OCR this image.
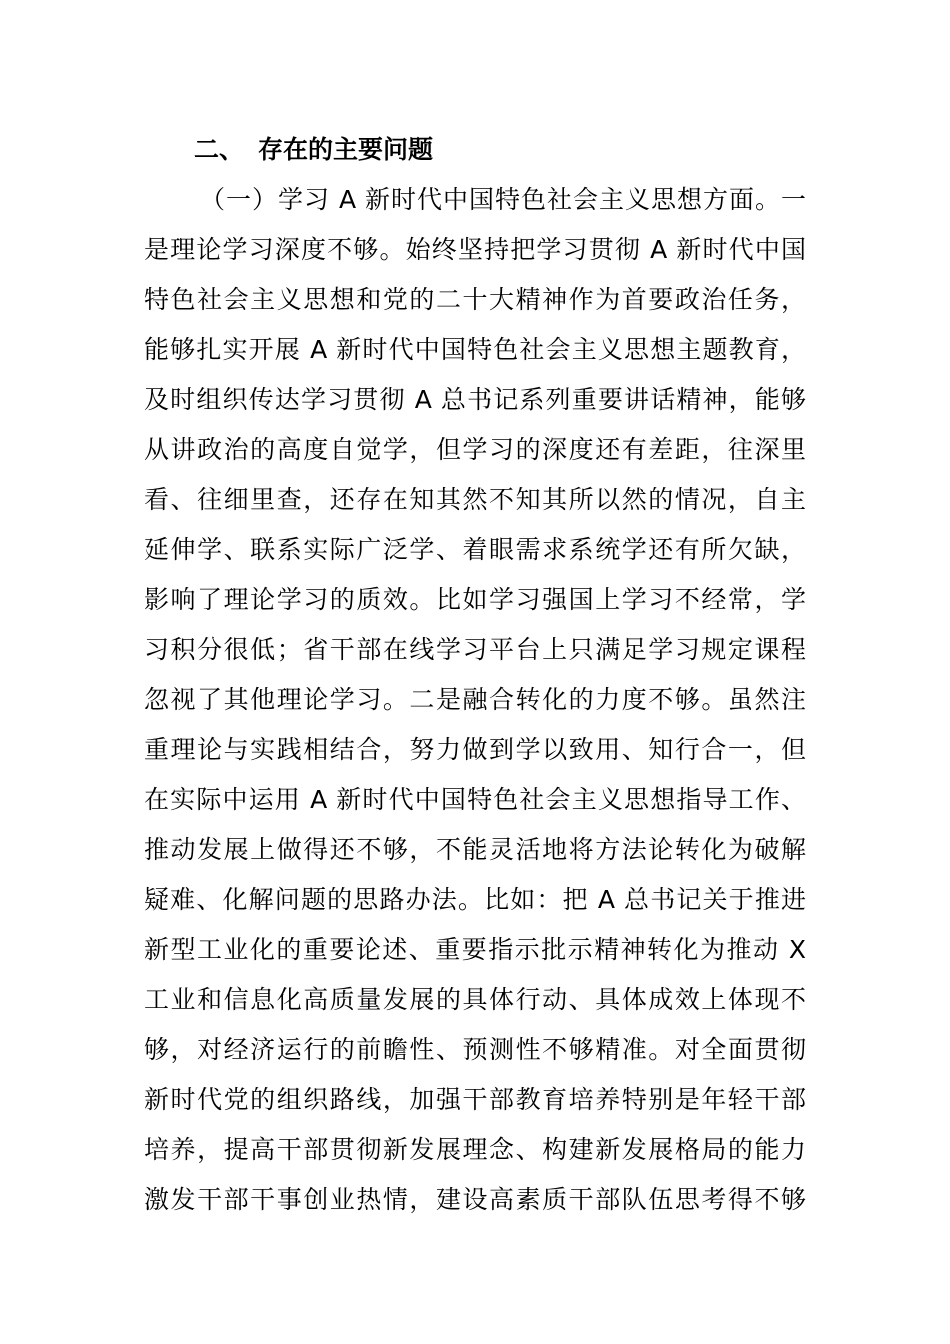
二、 存在的主要问题
（一）学习 A 新时代中国特色社会主义思想方面。一
是理论学习深度不够。始终坚持把学习贯彻 A 新时代中国
特色社会主义思想和党的二十大精神作为首要政治任务，
能够扎实开展 A 新时代中国特色社会主义思想主题教育，
及时组织传达学习贯彻 A 总书记系列重要讲话精神，能够
从讲政治的高度自觉学，但学习的深度还有差距，往深里
看、往细里查，还存在知其然不知其所以然的情况，自主
延伸学、联系实际广泛学、着眼需求系统学还有所欠缺，
影响了理论学习的质效。比如学习强国上学习不经常，学
习积分很低；省干部在线学习平台上只满足学习规定课程
忽视了其他理论学习。二是融合转化的力度不够。虽然注
重理论与实践相结合，努力做到学以致用、知行合一，但
在实际中运用 A 新时代中国特色社会主义思想指导工作、
推动发展上做得还不够，不能灵活地将方法论转化为破解
疑难、化解问题的思路办法。比如：把 A 总书记关于推进
新型工业化的重要论述、重要指示批示精神转化为推动 X
工业和信息化高质量发展的具体行动、具体成效上体现不
够，对经济运行的前瞻性、预测性不够精准。对全面贯彻
新时代党的组织路线，加强干部教育培养特别是年轻干部
培养，提高干部贯彻新发展理念、构建新发展格局的能力
激发干部干事创业热情，建设高素质干部队伍思考得不够
